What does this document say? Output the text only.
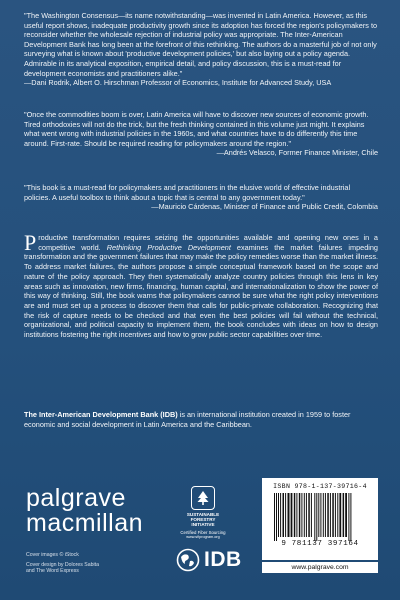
"The Washington Consensus—its name notwithstanding—was invented in Latin America. However, as this useful report shows, inadequate productivity growth since its adoption has forced the region's policymakers to reconsider whether the wholesale rejection of industrial policy was appropriate. The Inter-American Development Bank has long been at the forefront of this rethinking. The authors do a masterful job of not only surveying what is known about 'productive development policies,' but also laying out a policy agenda. Admirable in its analytical exposition, empirical detail, and policy discussion, this is a must-read for development economists and practitioners alike."

—Dani Rodrik, Albert O. Hirschman Professor of Economics, Institute for Advanced Study, USA

"Once the commodities boom is over, Latin America will have to discover new sources of economic growth. Tired orthodoxies will not do the trick, but the fresh thinking contained in this volume just might. It explains what went wrong with industrial policies in the 1960s, and what countries have to do differently this time around. First-rate. Should be required reading for policymakers around the region."

—Andrés Velasco, Former Finance Minister, Chile

"This book is a must-read for policymakers and practitioners in the elusive world of effective industrial policies. A useful toolbox to think about a topic that is central to any government today."

—Mauricio Cárdenas, Minister of Finance and Public Credit, Colombia

Productive transformation requires seizing the opportunities available and opening new ones in a competitive world. Rethinking Productive Development examines the market failures impeding transformation and the government failures that may make the policy remedies worse than the market illness. To address market failures, the authors propose a simple conceptual framework based on the scope and nature of the policy approach. They then systematically analyze country policies through this lens in key areas such as innovation, new firms, financing, human capital, and internationalization to show the power of this way of thinking. Still, the book warns that policymakers cannot be sure what the right policy interventions are and must set up a process to discover them that calls for public-private collaboration. Recognizing that the risk of capture needs to be checked and that even the best policies will fail without the technical, organizational, and political capacity to implement them, the book concludes with ideas on how to design institutions fostering the right incentives and how to grow public sector capabilities over time.
The Inter-American Development Bank (IDB) is an international institution created in 1959 to foster economic and social development in Latin America and the Caribbean.
palgrave
macmillan

Cover images © iStock

Cover design by Dolores Sabita

and The Word Express

SUSTAINABLE
FORESTRY
INITIATIVE
Certified Fiber Sourcing
www.sfiprogram.org
IDB
ISBN 978-1-137-39716-4
9 781137 397164
www.palgrave.com
